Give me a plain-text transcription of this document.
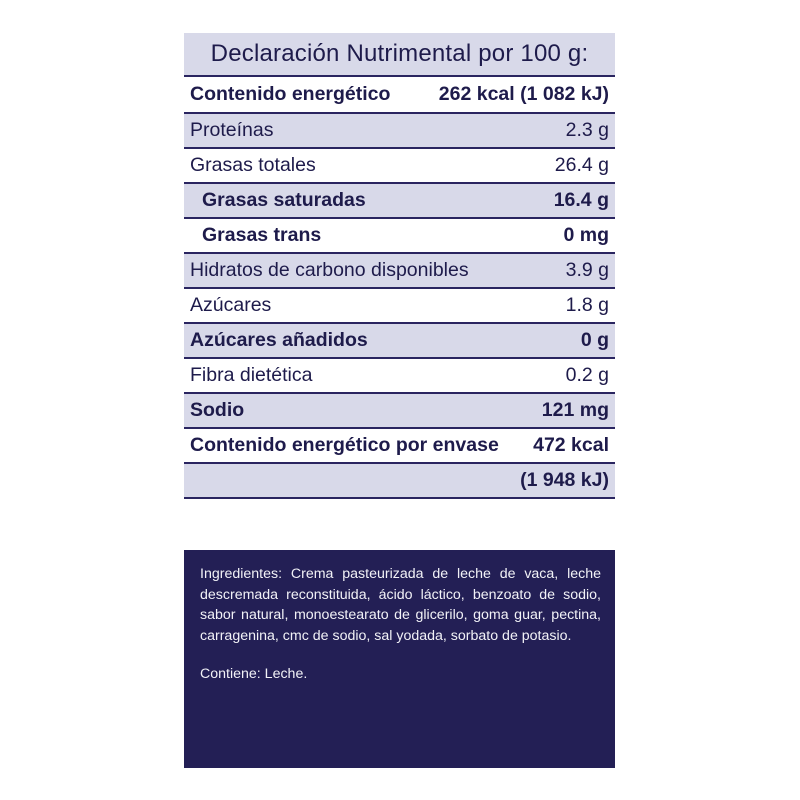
Declaración Nutrimental por 100 g:
Contenido energético 262 kcal (1 082 kJ)
Proteínas	2.3 g
Grasas totales	26.4 g
Grasas saturadas	16.4 g
Grasas trans	0 mg
Hidratos de carbono disponibles	3.9 g
Azúcares	1.8 g
Azúcares añadidos	0 g
Fibra dietética	0.2 g
Sodio	121 mg
Contenido energético por envase 472 kcal
(1 948 kJ)

Ingredientes: Crema pasteurizada de leche de vaca, leche descremada reconstituida, ácido láctico, benzoato de sodio, sabor natural, monoestearato de glicerilo, goma guar, pectina, carragenina, cmc de sodio, sal yodada, sorbato de potasio.

Contiene: Leche.
